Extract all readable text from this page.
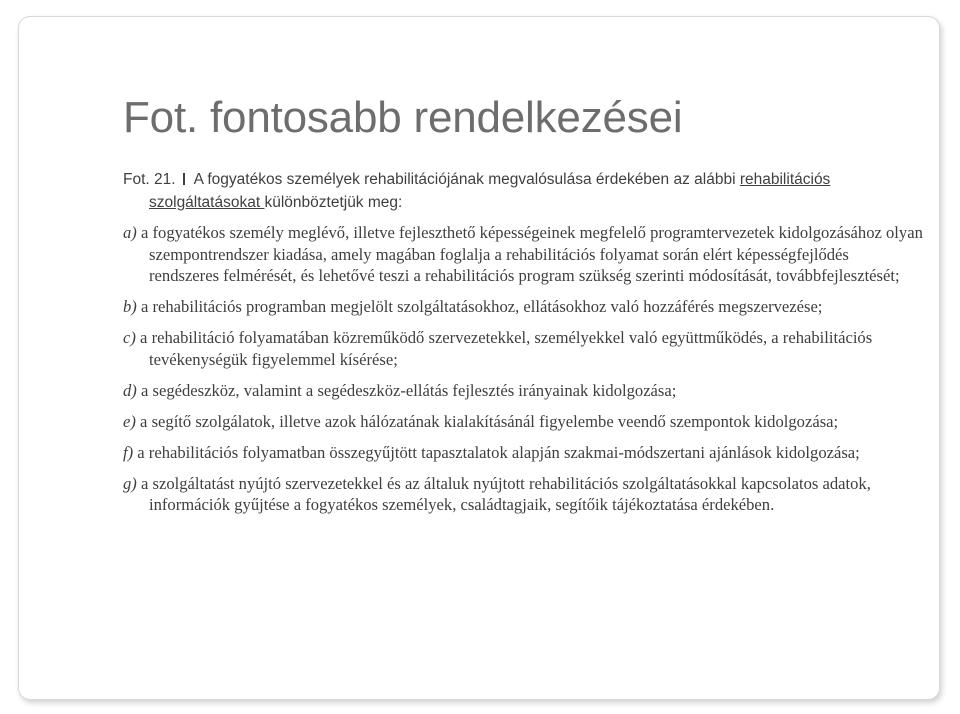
Fot. fontosabb rendelkezései

Fot. 21. A fogyatékos személyek rehabilitációjának megvalósulása érdekében az alábbi rehabilitációs szolgáltatásokat különböztetjük meg:

a) a fogyatékos személy meglévő, illetve fejleszthető képességeinek megfelelő programtervezetek kidolgozásához olyan szempontrendszer kiadása, amely magában foglalja a rehabilitációs folyamat során elért képességfejlődés rendszeres felmérését, és lehetővé teszi a rehabilitációs program szükség szerinti módosítását, továbbfejlesztését;

b) a rehabilitációs programban megjelölt szolgáltatásokhoz, ellátásokhoz való hozzáférés megszervezése;

c) a rehabilitáció folyamatában közreműködő szervezetekkel, személyekkel való együttműködés, a rehabilitációs tevékenységük figyelemmel kísérése;

d) a segédeszköz, valamint a segédeszköz-ellátás fejlesztés irányainak kidolgozása;

e) a segítő szolgálatok, illetve azok hálózatának kialakításánál figyelembe veendő szempontok kidolgozása;

f) a rehabilitációs folyamatban összegyűjtött tapasztalatok alapján szakmai-módszertani ajánlások kidolgozása;

g) a szolgáltatást nyújtó szervezetekkel és az általuk nyújtott rehabilitációs szolgáltatásokkal kapcsolatos adatok, információk gyűjtése a fogyatékos személyek, családtagjaik, segítőik tájékoztatása érdekében.
